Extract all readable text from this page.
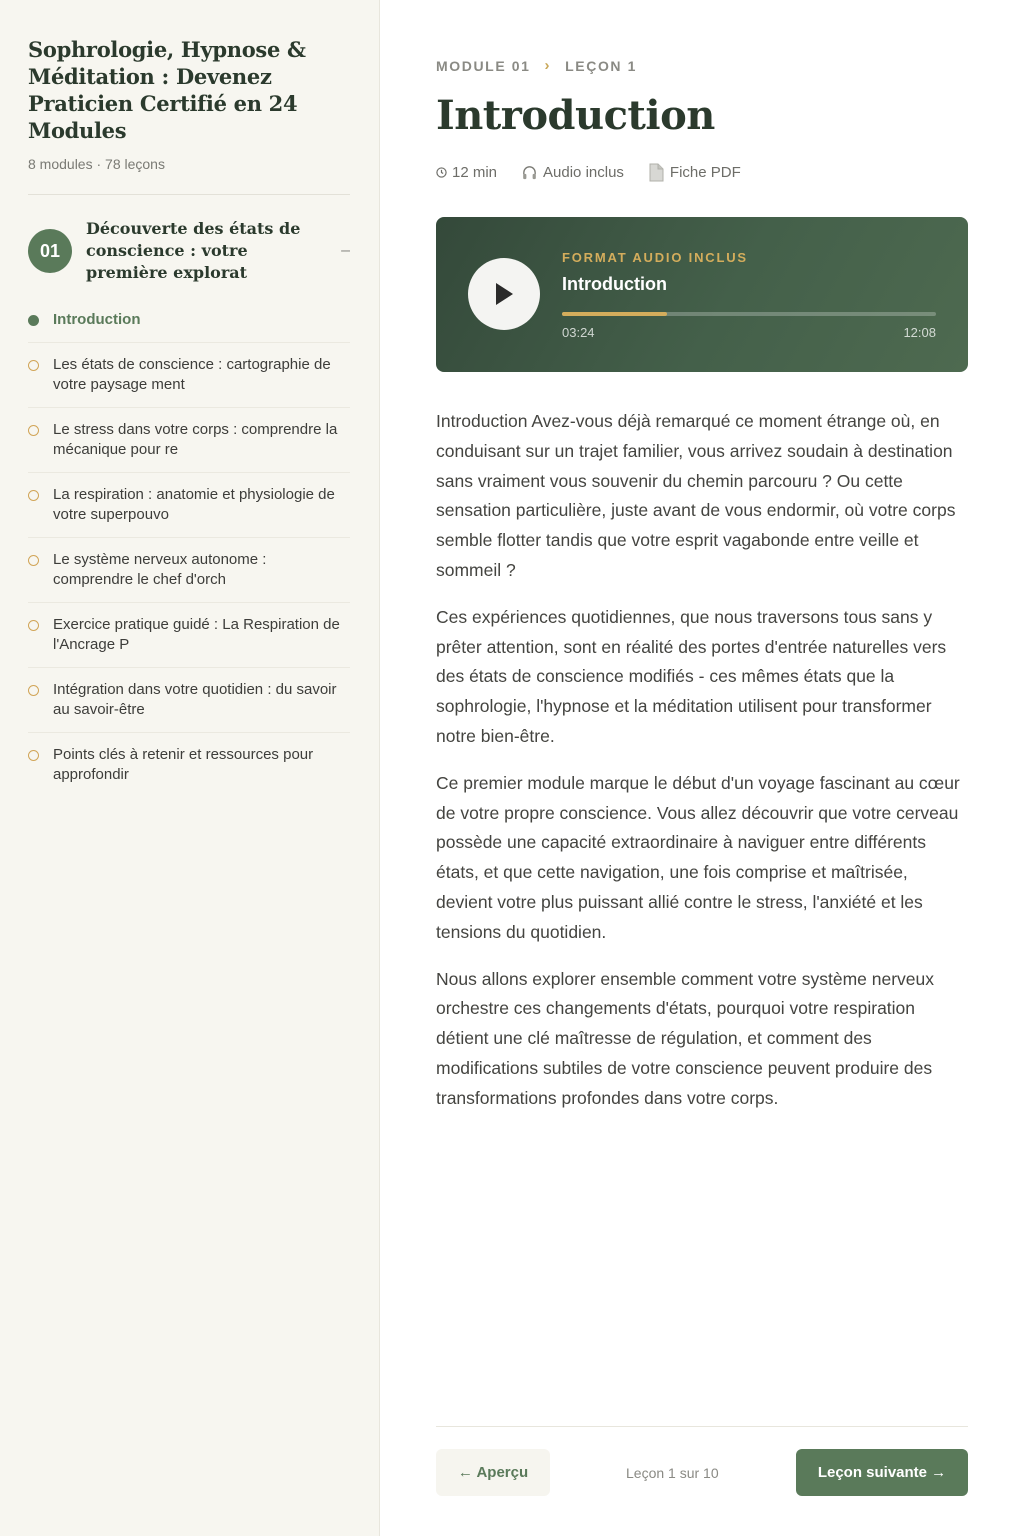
Sophrologie, Hypnose & Méditation : Devenez Praticien Certifié en 24 Modules
8 modules · 78 leçons
01
Découverte des états de conscience : votre première explorat
–
Introduction
Les états de conscience : cartographie de votre paysage ment
Le stress dans votre corps : comprendre la mécanique pour re
La respiration : anatomie et physiologie de votre superpouvo
Le système nerveux autonome : comprendre le chef d'orch
Exercice pratique guidé : La Respiration de l'Ancrage P
Intégration dans votre quotidien : du savoir au savoir-être
Points clés à retenir et ressources pour approfondir
MODULE 01 › LEÇON 1
Introduction
12 min	Audio inclus	Fiche PDF
FORMAT AUDIO INCLUS
Introduction
03:24	12:08

Introduction Avez-vous déjà remarqué ce moment étrange où, en conduisant sur un trajet familier, vous arrivez soudain à destination sans vraiment vous souvenir du chemin parcouru ? Ou cette sensation particulière, juste avant de vous endormir, où votre corps semble flotter tandis que votre esprit vagabonde entre veille et sommeil ?

Ces expériences quotidiennes, que nous traversons tous sans y prêter attention, sont en réalité des portes d'entrée naturelles vers des états de conscience modifiés - ces mêmes états que la sophrologie, l'hypnose et la méditation utilisent pour transformer notre bien-être.

Ce premier module marque le début d'un voyage fascinant au cœur de votre propre conscience. Vous allez découvrir que votre cerveau possède une capacité extraordinaire à naviguer entre différents états, et que cette navigation, une fois comprise et maîtrisée, devient votre plus puissant allié contre le stress, l'anxiété et les tensions du quotidien.

Nous allons explorer ensemble comment votre système nerveux orchestre ces changements d'états, pourquoi votre respiration détient une clé maîtresse de régulation, et comment des modifications subtiles de votre conscience peuvent produire des transformations profondes dans votre corps.

← Aperçu	Leçon 1 sur 10	Leçon suivante →
